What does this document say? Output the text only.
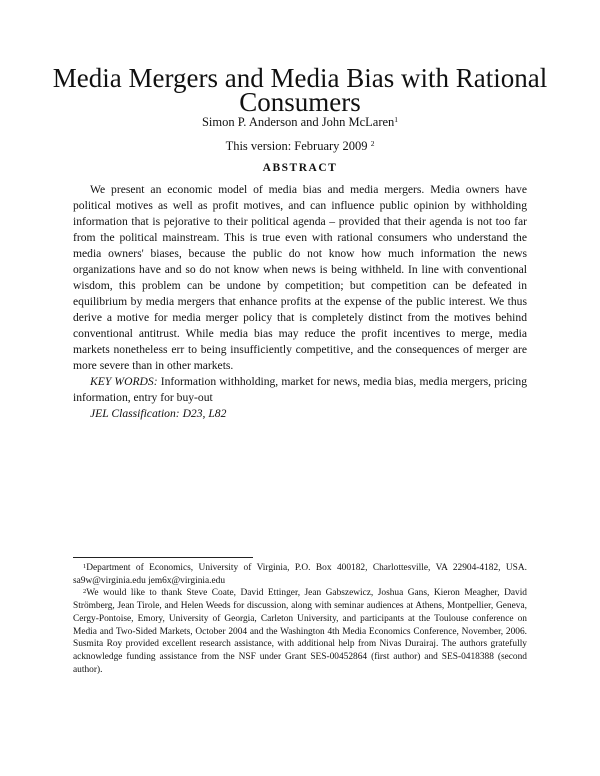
Media Mergers and Media Bias with Rational Consumers
Simon P. Anderson and John McLaren$^1$
This version: February 2009 $^2$
ABSTRACT

We present an economic model of media bias and media mergers. Media owners have political motives as well as profit motives, and can influence public opinion by withholding information that is pejorative to their political agenda – provided that their agenda is not too far from the political mainstream. This is true even with rational consumers who understand the media owners' biases, because the public do not know how much information the news organizations have and so do not know when news is being withheld. In line with conventional wisdom, this problem can be undone by competition; but competition can be defeated in equilibrium by media mergers that enhance profits at the expense of the public interest. We thus derive a motive for media merger policy that is completely distinct from the motives behind conventional antitrust. While media bias may reduce the profit incentives to merge, media markets nonetheless err to being insufficiently competitive, and the consequences of merger are more severe than in other markets.

KEY WORDS: Information withholding, market for news, media bias, media mergers, pricing information, entry for buy-out

JEL Classification: D23, L82

$^1$Department of Economics, University of Virginia, P.O. Box 400182, Charlottesville, VA 22904-4182, USA. sa9w@virginia.edu jem6x@virginia.edu

$^2$We would like to thank Steve Coate, David Ettinger, Jean Gabszewicz, Joshua Gans, Kieron Meagher, David Strömberg, Jean Tirole, and Helen Weeds for discussion, along with seminar audiences at Athens, Montpellier, Geneva, Cergy-Pontoise, Emory, University of Georgia, Carleton University, and participants at the Toulouse conference on Media and Two-Sided Markets, October 2004 and the Washington 4th Media Economics Conference, November, 2006. Susmita Roy provided excellent research assistance, with additional help from Nivas Durairaj. The authors gratefully acknowledge funding assistance from the NSF under Grant SES-00452864 (first author) and SES-0418388 (second author).
